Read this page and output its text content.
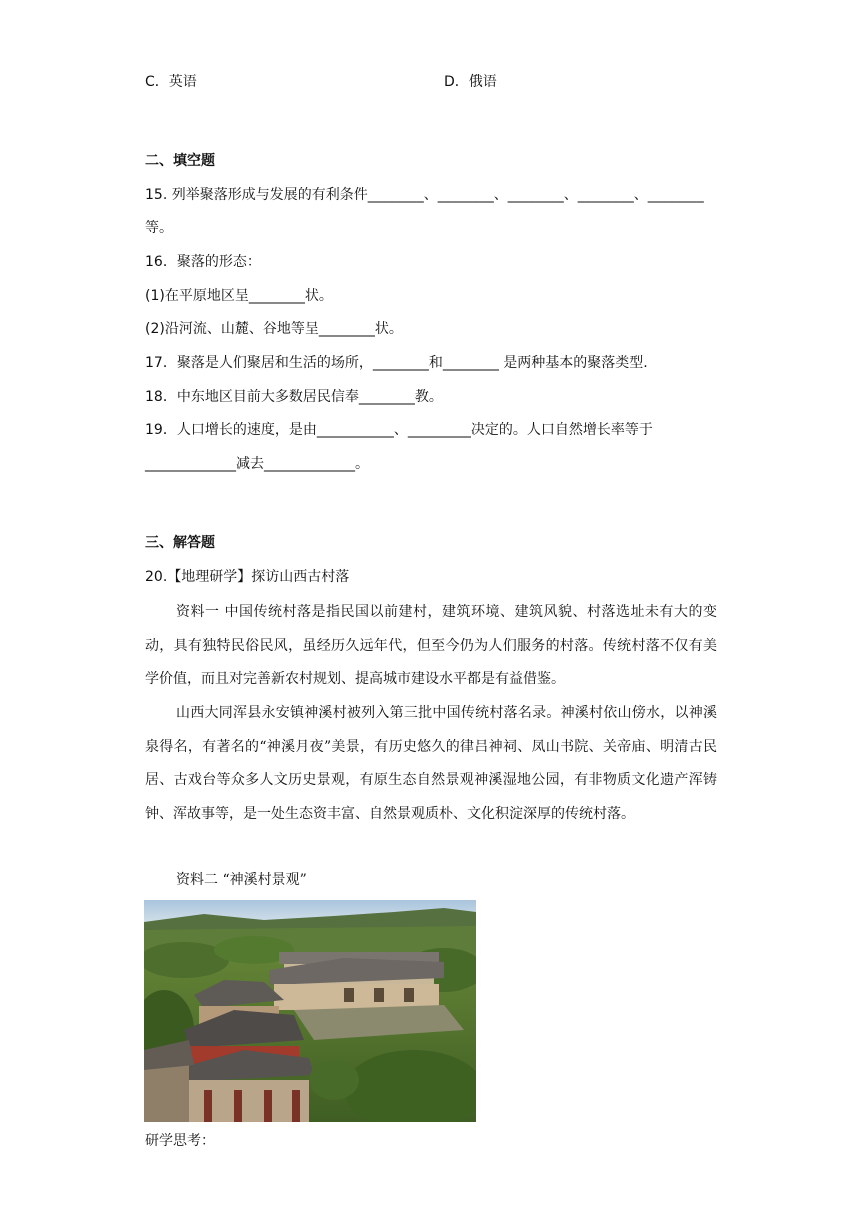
C．英语	D．俄语
二、填空题
15. 列举聚落形成与发展的有利条件________、________、________、________、________
等。
16．聚落的形态：
(1)在平原地区呈________状。
(2)沿河流、山麓、谷地等呈________状。
17．聚落是人们聚居和生活的场所，________和________ 是两种基本的聚落类型.
18．中东地区目前大多数居民信奉________教。
19．人口增长的速度，是由___________、_________决定的。人口自然增长率等于
_____________减去_____________。
三、解答题
20.【地理研学】探访山西古村落
资料一 中国传统村落是指民国以前建村，建筑环境、建筑风貌、村落选址未有大的变动，具有独特民俗民风，虽经历久远年代，但至今仍为人们服务的村落。传统村落不仅有美学价值，而且对完善新农村规划、提高城市建设水平都是有益借鉴。
山西大同浑县永安镇神溪村被列入第三批中国传统村落名录。神溪村依山傍水，以神溪泉得名，有著名的“神溪月夜”美景，有历史悠久的律吕神祠、凤山书院、关帝庙、明清古民居、古戏台等众多人文历史景观，有原生态自然景观神溪湿地公园，有非物质文化遗产浑铸钟、浑故事等，是一处生态资丰富、自然景观质朴、文化积淀深厚的传统村落。
资料二 “神溪村景观”
研学思考：
